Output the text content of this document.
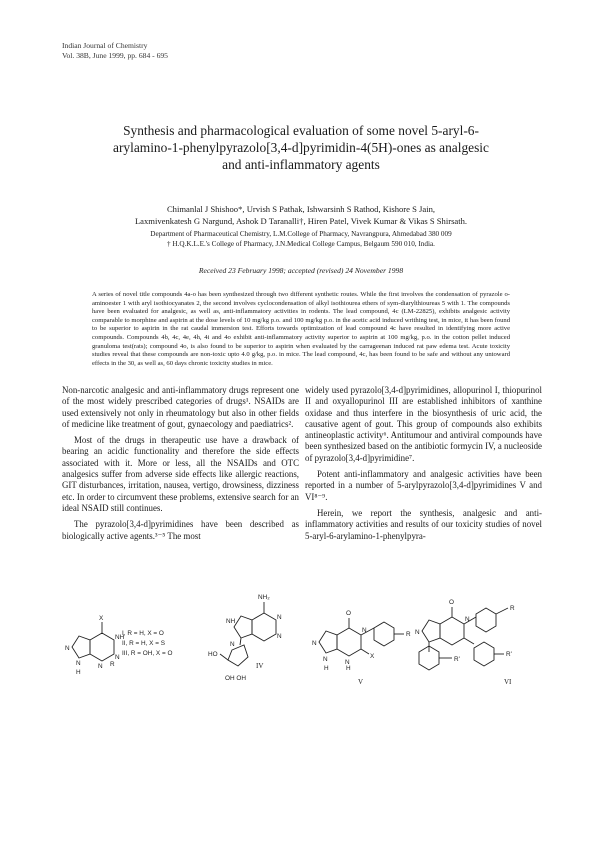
Indian Journal of Chemistry
Vol. 38B, June 1999, pp. 684 - 695
Synthesis and pharmacological evaluation of some novel 5-aryl-6-
arylamino-1-phenylpyrazolo[3,4-d]pyrimidin-4(5H)-ones as analgesic
and anti-inflammatory agents
Chimanlal J Shishoo*, Urvish S Pathak, Ishwarsinh S Rathod, Kishore S Jain,
Laxmivenkatesh G Nargund, Ashok D Taranalli†, Hiren Patel, Vivek Kumar & Vikas S Shirsath.
Department of Pharmaceutical Chemistry, L.M.College of Pharmacy, Navrangpura, Ahmedabad 380 009
† H.Q.K.L.E.'s College of Pharmacy, J.N.Medical College Campus, Belgaum 590 010, India.
Received 23 February 1998; accepted (revised) 24 November 1998
A series of novel title compounds 4a-o has been synthesized through two different synthetic routes. While the first involves the condensation of pyrazole o-aminoester 1 with aryl isothiocyanates 2, the second involves cyclocondensation of alkyl isothiourea ethers of sym-diarylthioureas 5 with 1. The compounds have been evaluated for analgesic, as well as, anti-inflammatory activities in rodents. The lead compound, 4c (LM-22825), exhibits analgesic activity comparable to morphine and aspirin at the dose levels of 10 mg/kg p.o. and 100 mg/kg p.o. in the acetic acid induced writhing test, in mice, it has been found to be superior to aspirin in the rat caudal immersion test. Efforts towards optimization of lead compound 4c have resulted in identifying more active compounds. Compounds 4b, 4c, 4e, 4h, 4i and 4o exhibit anti-inflammatory activity superior to aspirin at 100 mg/kg, p.o. in the cotton pellet induced granuloma test(rats); compound 4o, is also found to be superior to aspirin when evaluated by the carrageenan induced rat paw edema test. Acute toxicity studies reveal that these compounds are non-toxic upto 4.0 g/kg, p.o. in mice. The lead compound, 4c, has been found to be safe and without any untoward effects in the 30, as well as, 60 days chronic toxicity studies in mice.

Non-narcotic analgesic and anti-inflammatory drugs represent one of the most widely prescribed categories of drugs¹. NSAIDs are used extensively not only in rheumatology but also in other fields of medicine like treatment of gout, gynaecology and paediatrics².

Most of the drugs in therapeutic use have a drawback of bearing an acidic functionality and therefore the side effects associated with it. More or less, all the NSAIDs and OTC analgesics suffer from adverse side effects like allergic reactions, GIT disturbances, irritation, nausea, vertigo, drowsiness, dizziness etc. In order to circumvent these problems, extensive search for an ideal NSAID still continues.

The pyrazolo[3,4-d]pyrimidines have been described as biologically active agents.³⁻⁵ The most

widely used pyrazolo[3,4-d]pyrimidines, allopurinol I, thiopurinol II and oxyallopurinol III are established inhibitors of xanthine oxidase and thus interfere in the biosynthesis of uric acid, the causative agent of gout. This group of compounds also exhibits antineoplastic activity⁶. Antitumour and antiviral compounds have been synthesized based on the antibiotic formycin IV, a nucleoside of pyrazolo[3,4-d]pyrimidine⁷.

Potent anti-inflammatory and analgesic activities have been reported in a number of 5-arylpyrazolo[3,4-d]pyrimidines V and VI⁸⁻⁹.

Herein, we report the synthesis, analgesic and anti-inflammatory activities and results of our toxicity studies of novel 5-aryl-6-arylamino-1-phenylpyra-

X
NH
N
N
N
N
H
I, R = H, X = O
II, R = H, X = S
III, R = OH, X = O
R
NH₂
N
N
NH
N
HO
OH OH
IV
O
N
R
X
N
N
N
H	H
V
O
N
R
N
R'
R'
VI
